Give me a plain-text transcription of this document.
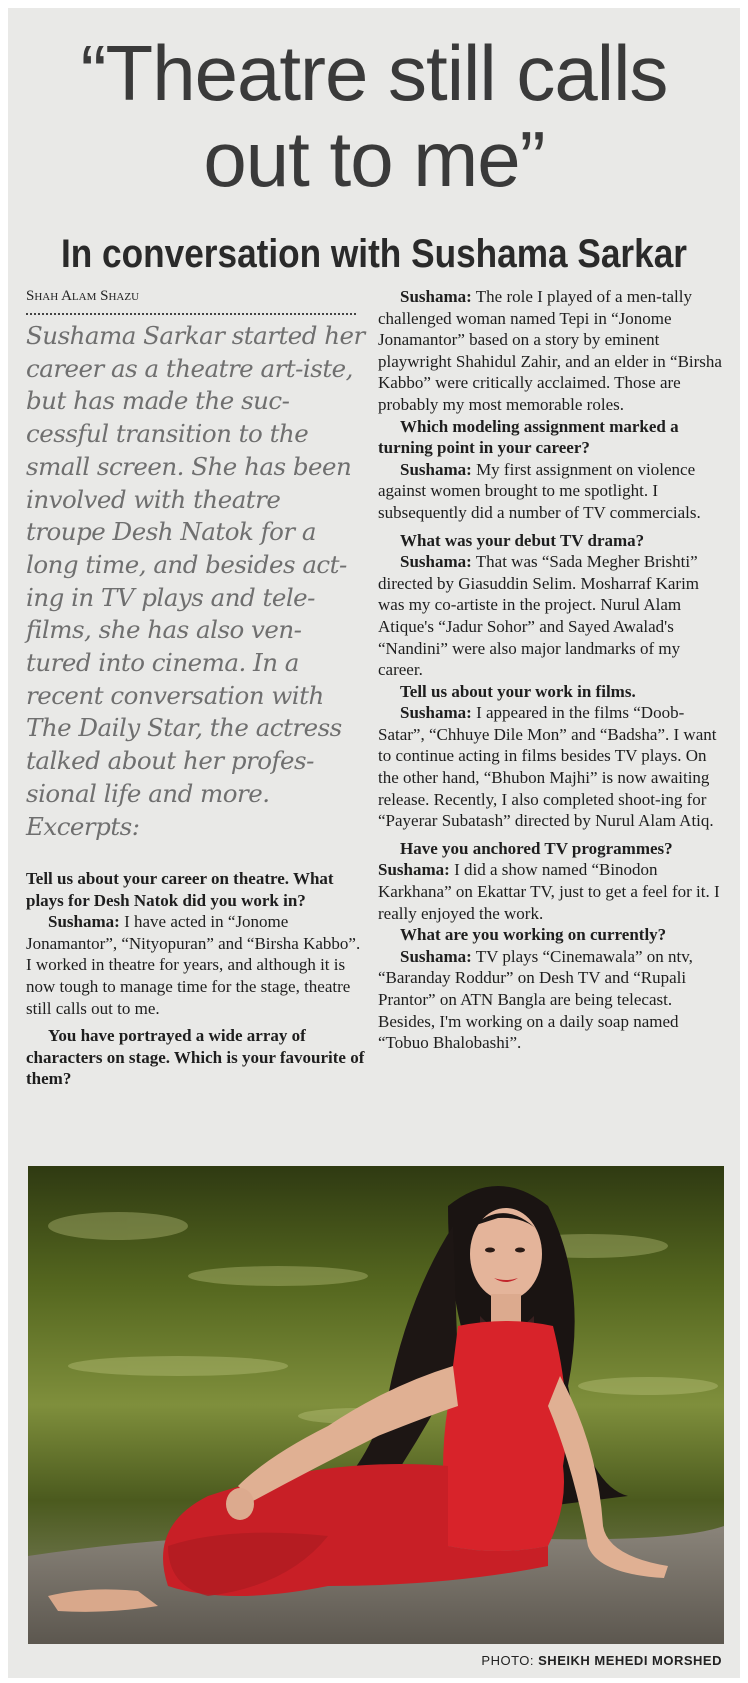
“Theatre still calls
out to me”
In conversation with Sushama Sarkar
Shah Alam Shazu
Sushama Sarkar started her career as a theatre art-iste, but has made the suc-cessful transition to the small screen. She has been involved with theatre troupe Desh Natok for a long time, and besides act-ing in TV plays and tele-films, she has also ven-tured into cinema. In a recent conversation with The Daily Star, the actress talked about her profes-sional life and more. Excerpts:

Tell us about your career on theatre. What plays for Desh Natok did you work in?

Sushama: I have acted in “Jonome Jonamantor”, “Nityopuran” and “Birsha Kabbo”. I worked in theatre for years, and although it is now tough to manage time for the stage, theatre still calls out to me.

You have portrayed a wide array of characters on stage. Which is your favourite of them?

Sushama: The role I played of a men-tally challenged woman named Tepi in “Jonome Jonamantor” based on a story by eminent playwright Shahidul Zahir, and an elder in “Birsha Kabbo” were critically acclaimed. Those are probably my most memorable roles.

Which modeling assignment marked a turning point in your career?

Sushama: My first assignment on violence against women brought to me spotlight. I subsequently did a number of TV commercials.

What was your debut TV drama?

Sushama: That was “Sada Megher Brishti” directed by Giasuddin Selim. Mosharraf Karim was my co-artiste in the project. Nurul Alam Atique's “Jadur Sohor” and Sayed Awalad's “Nandini” were also major landmarks of my career.

Tell us about your work in films.

Sushama: I appeared in the films “Doob-Satar”, “Chhuye Dile Mon” and “Badsha”. I want to continue acting in films besides TV plays. On the other hand, “Bhubon Majhi” is now awaiting release. Recently, I also completed shoot-ing for “Payerar Subatash” directed by Nurul Alam Atiq.

Have you anchored TV programmes?

Sushama: I did a show named “Binodon Karkhana” on Ekattar TV, just to get a feel for it. I really enjoyed the work.

What are you working on currently?

Sushama: TV plays “Cinemawala” on ntv, “Baranday Roddur” on Desh TV and “Rupali Prantor” on ATN Bangla are being telecast. Besides, I'm working on a daily soap named “Tobuo Bhalobashi”.

PHOTO: SHEIKH MEHEDI MORSHED
